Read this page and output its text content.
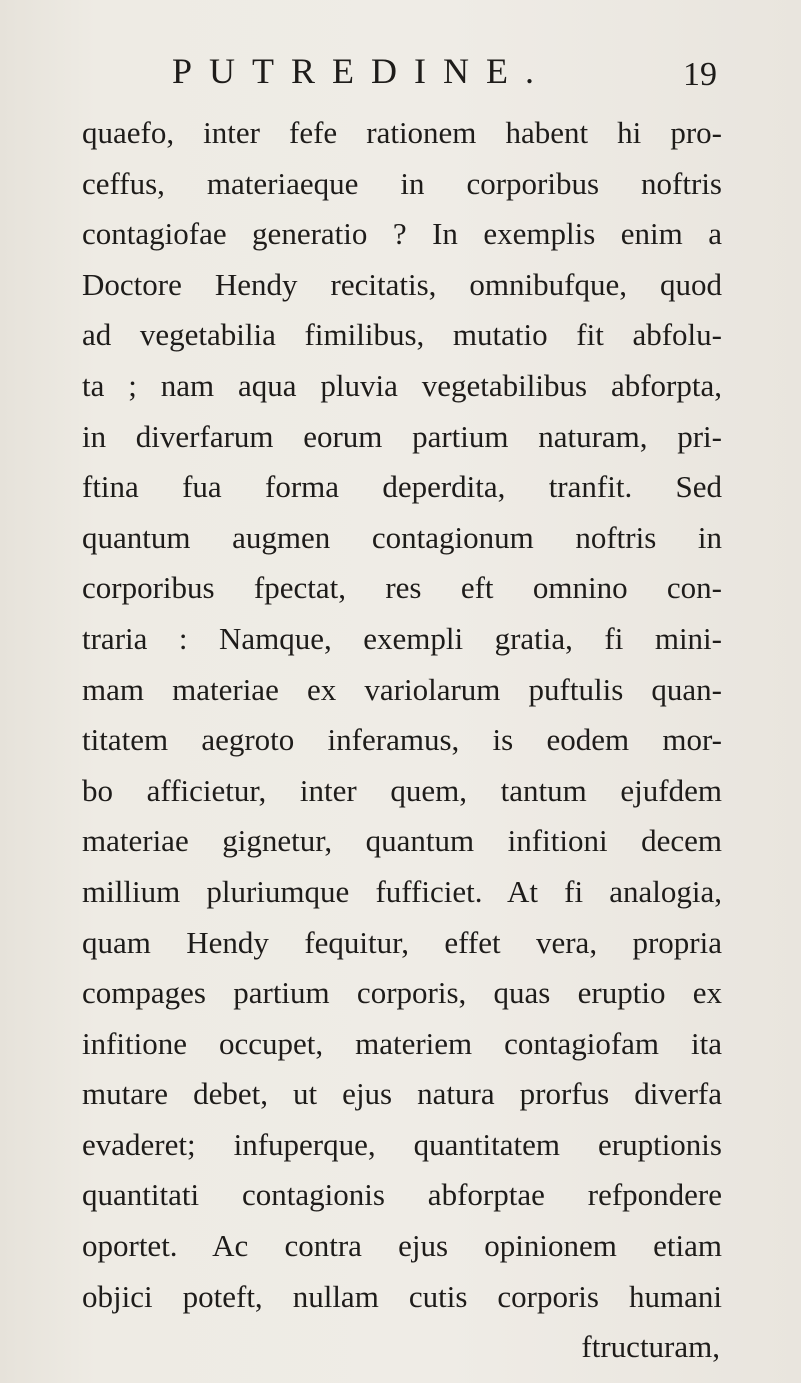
PUTREDINE.	19
quaefo, inter fefe rationem habent hi pro-
ceffus, materiaeque in corporibus noftris
contagiofae generatio ? In exemplis enim a
Doctore Hendy recitatis, omnibufque, quod
ad vegetabilia fimilibus, mutatio fit abfolu-
ta ; nam aqua pluvia vegetabilibus abforpta,
in diverfarum eorum partium naturam, pri-
ftina fua forma deperdita, tranfit. Sed
quantum augmen contagionum noftris in
corporibus fpectat, res eft omnino con-
traria : Namque, exempli gratia, fi mini-
mam materiae ex variolarum puftulis quan-
titatem aegroto inferamus, is eodem mor-
bo afficietur, inter quem, tantum ejufdem
materiae gignetur, quantum infitioni decem
millium pluriumque fufficiet. At fi analogia,
quam Hendy fequitur, effet vera, propria
compages partium corporis, quas eruptio ex
infitione occupet, materiem contagiofam ita
mutare debet, ut ejus natura prorfus diverfa
evaderet; infuperque, quantitatem eruptionis
quantitati contagionis abforptae refpondere
oportet. Ac contra ejus opinionem etiam
objici poteft, nullam cutis corporis humani
ftructuram,
